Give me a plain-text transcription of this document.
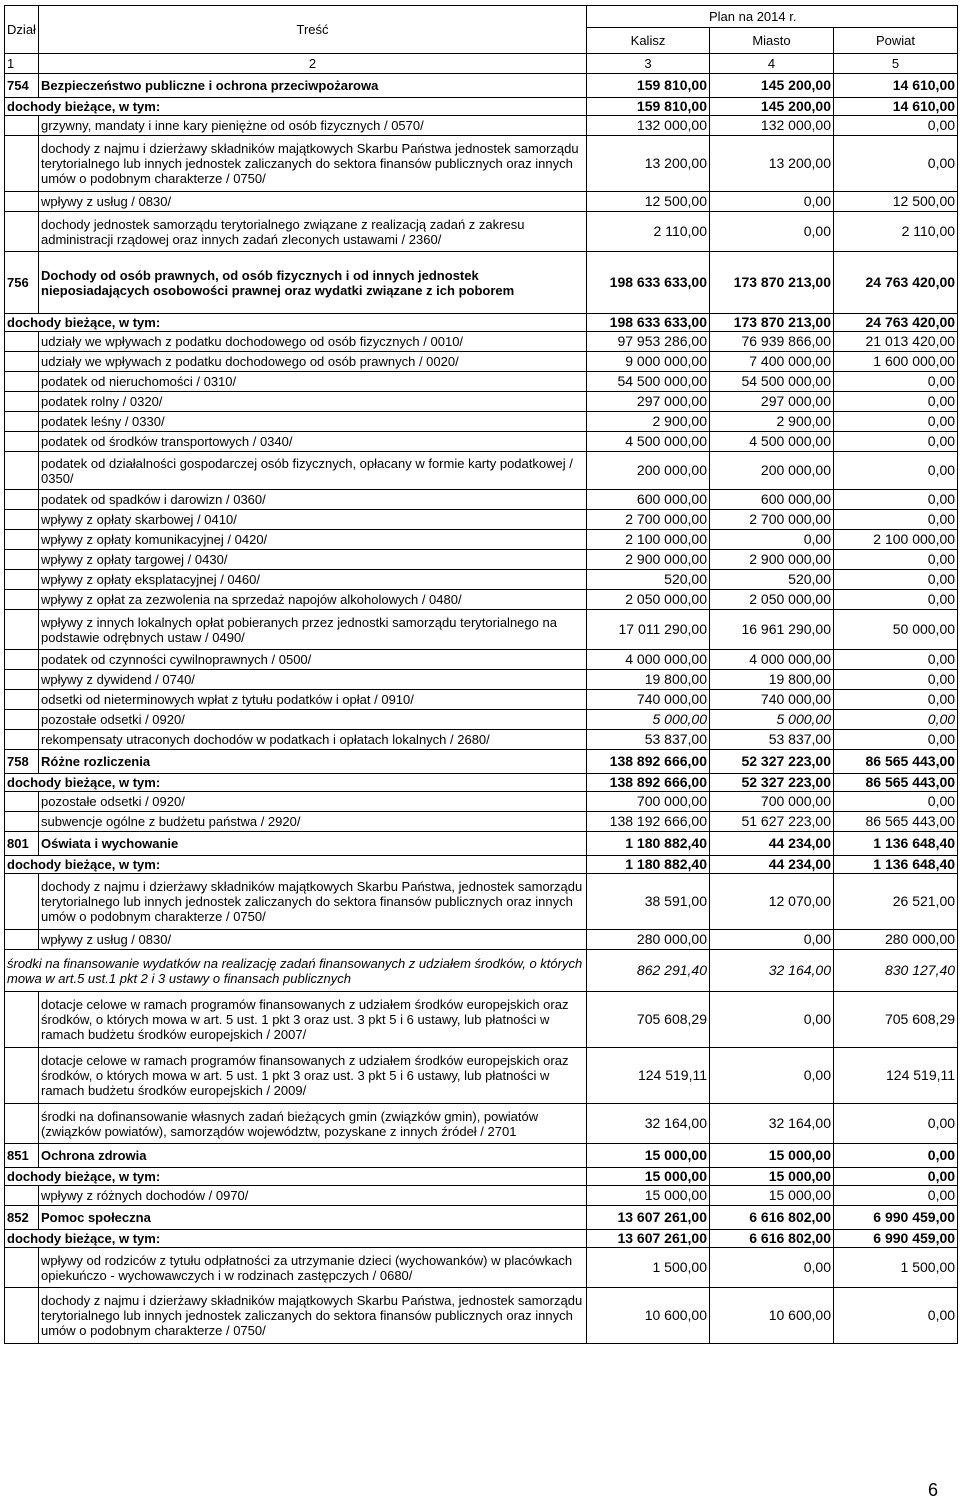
Dział	Treść	Plan na 2014 r.		
		Kalisz	Miasto	Powiat
1	2	3	4	5
754	Bezpieczeństwo publiczne i ochrona przeciwpożarowa	159 810,00	145 200,00	14 610,00
dochody bieżące, w tym:		159 810,00	145 200,00	14 610,00
	grzywny, mandaty i inne kary pieniężne od osób fizycznych / 0570/	132 000,00	132 000,00	0,00
	dochody z najmu i dzierżawy składników majątkowych Skarbu Państwa jednostek samorządu terytorialnego lub innych jednostek zaliczanych do sektora finansów publicznych oraz innych umów o podobnym charakterze / 0750/	13 200,00	13 200,00	0,00
	wpływy z usług / 0830/	12 500,00	0,00	12 500,00
	dochody jednostek samorządu terytorialnego związane z realizacją zadań z zakresu administracji rządowej oraz innych zadań zleconych ustawami / 2360/	2 110,00	0,00	2 110,00
756	Dochody od osób prawnych, od osób fizycznych i od innych jednostek nieposiadających osobowości prawnej oraz wydatki związane z ich poborem	198 633 633,00	173 870 213,00	24 763 420,00
dochody bieżące, w tym:		198 633 633,00	173 870 213,00	24 763 420,00
	udziały we wpływach z podatku dochodowego od osób fizycznych / 0010/	97 953 286,00	76 939 866,00	21 013 420,00
	udziały we wpływach z podatku dochodowego od osób prawnych / 0020/	9 000 000,00	7 400 000,00	1 600 000,00
	podatek od nieruchomości / 0310/	54 500 000,00	54 500 000,00	0,00
	podatek rolny / 0320/	297 000,00	297 000,00	0,00
	podatek leśny / 0330/	2 900,00	2 900,00	0,00
	podatek od środków transportowych / 0340/	4 500 000,00	4 500 000,00	0,00
	podatek od działalności gospodarczej osób fizycznych, opłacany w formie karty podatkowej / 0350/	200 000,00	200 000,00	0,00
	podatek od spadków i darowizn / 0360/	600 000,00	600 000,00	0,00
	wpływy z opłaty skarbowej / 0410/	2 700 000,00	2 700 000,00	0,00
	wpływy z opłaty komunikacyjnej / 0420/	2 100 000,00	0,00	2 100 000,00
	wpływy z opłaty targowej / 0430/	2 900 000,00	2 900 000,00	0,00
	wpływy z opłaty eksplatacyjnej / 0460/	520,00	520,00	0,00
	wpływy z opłat za zezwolenia na sprzedaż napojów alkoholowych / 0480/	2 050 000,00	2 050 000,00	0,00
	wpływy z innych lokalnych opłat pobieranych przez jednostki samorządu terytorialnego na podstawie odrębnych ustaw / 0490/	17 011 290,00	16 961 290,00	50 000,00
	podatek od czynności cywilnoprawnych / 0500/	4 000 000,00	4 000 000,00	0,00
	wpływy z dywidend / 0740/	19 800,00	19 800,00	0,00
	odsetki od nieterminowych wpłat z tytułu podatków i opłat / 0910/	740 000,00	740 000,00	0,00
	pozostałe odsetki / 0920/	5 000,00	5 000,00	0,00
	rekompensaty utraconych dochodów w podatkach i opłatach lokalnych / 2680/	53 837,00	53 837,00	0,00
758	Różne rozliczenia	138 892 666,00	52 327 223,00	86 565 443,00
dochody bieżące, w tym:		138 892 666,00	52 327 223,00	86 565 443,00
	pozostałe odsetki / 0920/	700 000,00	700 000,00	0,00
	subwencje ogólne z budżetu państwa / 2920/	138 192 666,00	51 627 223,00	86 565 443,00
801	Oświata i wychowanie	1 180 882,40	44 234,00	1 136 648,40
dochody bieżące, w tym:		1 180 882,40	44 234,00	1 136 648,40
	dochody z najmu i dzierżawy składników majątkowych Skarbu Państwa, jednostek samorządu terytorialnego lub innych jednostek zaliczanych do sektora finansów publicznych oraz innych umów o podobnym charakterze / 0750/	38 591,00	12 070,00	26 521,00
	wpływy z usług / 0830/	280 000,00	0,00	280 000,00
środki na finansowanie wydatków na realizację zadań finansowanych z udziałem środków, o których mowa w art.5 ust.1 pkt 2 i 3 ustawy o finansach publicznych		862 291,40	32 164,00	830 127,40
	dotacje celowe w ramach programów finansowanych z udziałem środków europejskich oraz środków, o których mowa w art. 5 ust. 1 pkt 3 oraz ust. 3 pkt 5 i 6 ustawy, lub płatności w ramach budżetu środków europejskich / 2007/	705 608,29	0,00	705 608,29
	dotacje celowe w ramach programów finansowanych z udziałem środków europejskich oraz środków, o których mowa w art. 5 ust. 1 pkt 3 oraz ust. 3 pkt 5 i 6 ustawy, lub płatności w ramach budżetu środków europejskich / 2009/	124 519,11	0,00	124 519,11
	środki na dofinansowanie własnych zadań bieżących gmin (związków gmin), powiatów (związków powiatów), samorządów województw, pozyskane z innych źródeł / 2701	32 164,00	32 164,00	0,00
851	Ochrona zdrowia	15 000,00	15 000,00	0,00
dochody bieżące, w tym:		15 000,00	15 000,00	0,00
	wpływy z różnych dochodów / 0970/	15 000,00	15 000,00	0,00
852	Pomoc społeczna	13 607 261,00	6 616 802,00	6 990 459,00
dochody bieżące, w tym:		13 607 261,00	6 616 802,00	6 990 459,00
	wpływy od rodziców z tytułu odpłatności za utrzymanie dzieci (wychowanków) w placówkach opiekuńczo - wychowawczych i w rodzinach zastępczych / 0680/	1 500,00	0,00	1 500,00
	dochody z najmu i dzierżawy składników majątkowych Skarbu Państwa, jednostek samorządu terytorialnego lub innych jednostek zaliczanych do sektora finansów publicznych oraz innych umów o podobnym charakterze / 0750/	10 600,00	10 600,00	0,00
6
